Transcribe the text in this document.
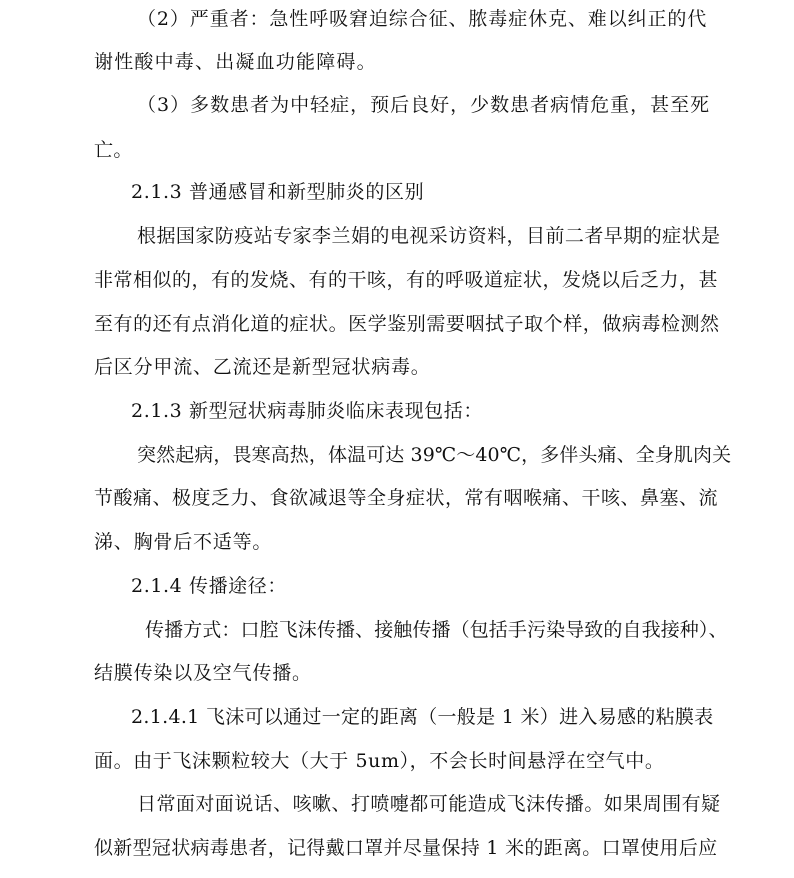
（2）严重者：急性呼吸窘迫综合征、脓毒症休克、难以纠正的代
谢性酸中毒、出凝血功能障碍。
（3）多数患者为中轻症，预后良好，少数患者病情危重，甚至死
亡。
2.1.3 普通感冒和新型肺炎的区别
根据国家防疫站专家李兰娟的电视采访资料，目前二者早期的症状是
非常相似的，有的发烧、有的干咳，有的呼吸道症状，发烧以后乏力，甚
至有的还有点消化道的症状。医学鉴别需要咽拭子取个样，做病毒检测然
后区分甲流、乙流还是新型冠状病毒。
2.1.3 新型冠状病毒肺炎临床表现包括：
突然起病，畏寒高热，体温可达 39℃～40℃，多伴头痛、全身肌肉关
节酸痛、极度乏力、食欲减退等全身症状，常有咽喉痛、干咳、鼻塞、流
涕、胸骨后不适等。
2.1.4 传播途径：
传播方式：口腔飞沫传播、接触传播（包括手污染导致的自我接种）、
结膜传染以及空气传播。
2.1.4.1 飞沫可以通过一定的距离（一般是 1 米）进入易感的粘膜表
面。由于飞沫颗粒较大（大于 5um），不会长时间悬浮在空气中。
日常面对面说话、咳嗽、打喷嚏都可能造成飞沫传播。如果周围有疑
似新型冠状病毒患者，记得戴口罩并尽量保持 1 米的距离。口罩使用后应
